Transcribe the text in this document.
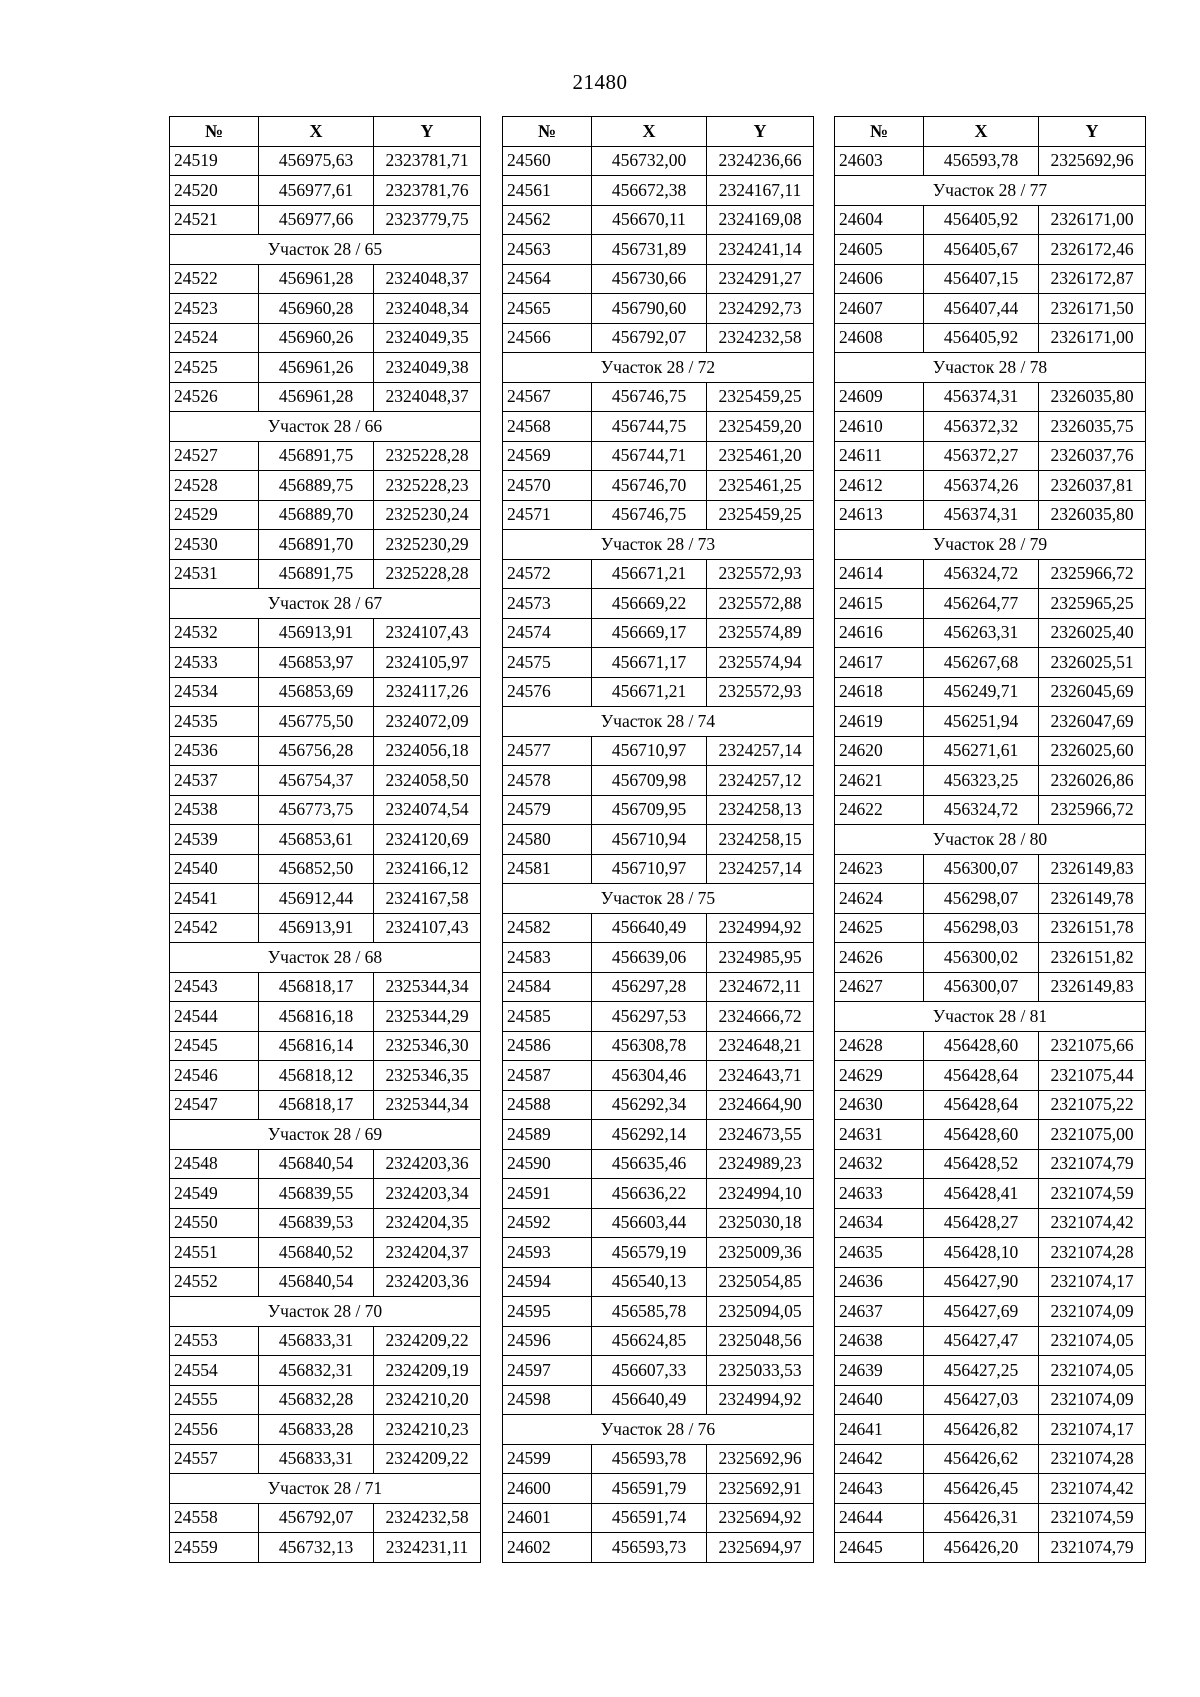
21480
№	X	Y
24519	456975,63	2323781,71
24520	456977,61	2323781,76
24521	456977,66	2323779,75
Участок 28 / 65		
24522	456961,28	2324048,37
24523	456960,28	2324048,34
24524	456960,26	2324049,35
24525	456961,26	2324049,38
24526	456961,28	2324048,37
Участок 28 / 66		
24527	456891,75	2325228,28
24528	456889,75	2325228,23
24529	456889,70	2325230,24
24530	456891,70	2325230,29
24531	456891,75	2325228,28
Участок 28 / 67		
24532	456913,91	2324107,43
24533	456853,97	2324105,97
24534	456853,69	2324117,26
24535	456775,50	2324072,09
24536	456756,28	2324056,18
24537	456754,37	2324058,50
24538	456773,75	2324074,54
24539	456853,61	2324120,69
24540	456852,50	2324166,12
24541	456912,44	2324167,58
24542	456913,91	2324107,43
Участок 28 / 68		
24543	456818,17	2325344,34
24544	456816,18	2325344,29
24545	456816,14	2325346,30
24546	456818,12	2325346,35
24547	456818,17	2325344,34
Участок 28 / 69		
24548	456840,54	2324203,36
24549	456839,55	2324203,34
24550	456839,53	2324204,35
24551	456840,52	2324204,37
24552	456840,54	2324203,36
Участок 28 / 70		
24553	456833,31	2324209,22
24554	456832,31	2324209,19
24555	456832,28	2324210,20
24556	456833,28	2324210,23
24557	456833,31	2324209,22
Участок 28 / 71		
24558	456792,07	2324232,58
24559	456732,13	2324231,11
№	X	Y
24560	456732,00	2324236,66
24561	456672,38	2324167,11
24562	456670,11	2324169,08
24563	456731,89	2324241,14
24564	456730,66	2324291,27
24565	456790,60	2324292,73
24566	456792,07	2324232,58
Участок 28 / 72		
24567	456746,75	2325459,25
24568	456744,75	2325459,20
24569	456744,71	2325461,20
24570	456746,70	2325461,25
24571	456746,75	2325459,25
Участок 28 / 73		
24572	456671,21	2325572,93
24573	456669,22	2325572,88
24574	456669,17	2325574,89
24575	456671,17	2325574,94
24576	456671,21	2325572,93
Участок 28 / 74		
24577	456710,97	2324257,14
24578	456709,98	2324257,12
24579	456709,95	2324258,13
24580	456710,94	2324258,15
24581	456710,97	2324257,14
Участок 28 / 75		
24582	456640,49	2324994,92
24583	456639,06	2324985,95
24584	456297,28	2324672,11
24585	456297,53	2324666,72
24586	456308,78	2324648,21
24587	456304,46	2324643,71
24588	456292,34	2324664,90
24589	456292,14	2324673,55
24590	456635,46	2324989,23
24591	456636,22	2324994,10
24592	456603,44	2325030,18
24593	456579,19	2325009,36
24594	456540,13	2325054,85
24595	456585,78	2325094,05
24596	456624,85	2325048,56
24597	456607,33	2325033,53
24598	456640,49	2324994,92
Участок 28 / 76		
24599	456593,78	2325692,96
24600	456591,79	2325692,91
24601	456591,74	2325694,92
24602	456593,73	2325694,97
№	X	Y
24603	456593,78	2325692,96
Участок 28 / 77		
24604	456405,92	2326171,00
24605	456405,67	2326172,46
24606	456407,15	2326172,87
24607	456407,44	2326171,50
24608	456405,92	2326171,00
Участок 28 / 78		
24609	456374,31	2326035,80
24610	456372,32	2326035,75
24611	456372,27	2326037,76
24612	456374,26	2326037,81
24613	456374,31	2326035,80
Участок 28 / 79		
24614	456324,72	2325966,72
24615	456264,77	2325965,25
24616	456263,31	2326025,40
24617	456267,68	2326025,51
24618	456249,71	2326045,69
24619	456251,94	2326047,69
24620	456271,61	2326025,60
24621	456323,25	2326026,86
24622	456324,72	2325966,72
Участок 28 / 80		
24623	456300,07	2326149,83
24624	456298,07	2326149,78
24625	456298,03	2326151,78
24626	456300,02	2326151,82
24627	456300,07	2326149,83
Участок 28 / 81		
24628	456428,60	2321075,66
24629	456428,64	2321075,44
24630	456428,64	2321075,22
24631	456428,60	2321075,00
24632	456428,52	2321074,79
24633	456428,41	2321074,59
24634	456428,27	2321074,42
24635	456428,10	2321074,28
24636	456427,90	2321074,17
24637	456427,69	2321074,09
24638	456427,47	2321074,05
24639	456427,25	2321074,05
24640	456427,03	2321074,09
24641	456426,82	2321074,17
24642	456426,62	2321074,28
24643	456426,45	2321074,42
24644	456426,31	2321074,59
24645	456426,20	2321074,79
